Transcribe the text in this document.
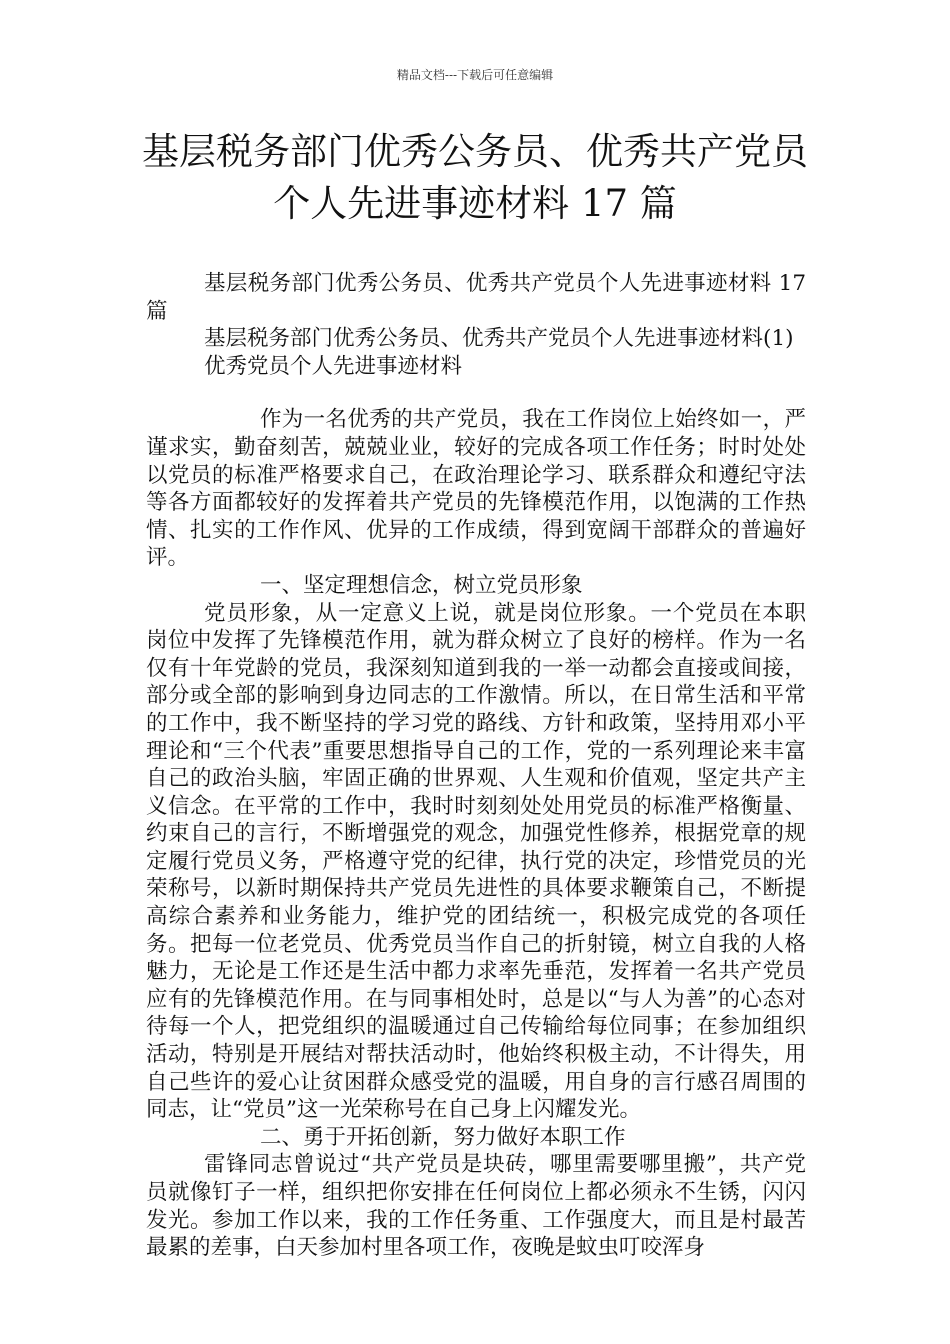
精品文档---下载后可任意编辑
基层税务部门优秀公务员、优秀共产党员
个人先进事迹材料 17 篇

基层税务部门优秀公务员、优秀共产党员个人先进事迹材料 17 篇

基层税务部门优秀公务员、优秀共产党员个人先进事迹材料(1)

优秀党员个人先进事迹材料

作为一名优秀的共产党员，我在工作岗位上始终如一，严谨求实，勤奋刻苦，兢兢业业，较好的完成各项工作任务；时时处处以党员的标准严格要求自己，在政治理论学习、联系群众和遵纪守法等各方面都较好的发挥着共产党员的先锋模范作用，以饱满的工作热情、扎实的工作作风、优异的工作成绩，得到宽阔干部群众的普遍好评。

一、坚定理想信念，树立党员形象

党员形象，从一定意义上说，就是岗位形象。一个党员在本职岗位中发挥了先锋模范作用，就为群众树立了良好的榜样。作为一名仅有十年党龄的党员，我深刻知道到我的一举一动都会直接或间接，部分或全部的影响到身边同志的工作激情。所以，在日常生活和平常的工作中，我不断坚持的学习党的路线、方针和政策，坚持用邓小平理论和“三个代表”重要思想指导自己的工作，党的一系列理论来丰富自己的政治头脑，牢固正确的世界观、人生观和价值观，坚定共产主义信念。在平常的工作中，我时时刻刻处处用党员的标准严格衡量、约束自己的言行，不断增强党的观念，加强党性修养，根据党章的规定履行党员义务，严格遵守党的纪律，执行党的决定，珍惜党员的光荣称号，以新时期保持共产党员先进性的具体要求鞭策自己，不断提高综合素养和业务能力，维护党的团结统一，积极完成党的各项任务。把每一位老党员、优秀党员当作自己的折射镜，树立自我的人格魅力，无论是工作还是生活中都力求率先垂范，发挥着一名共产党员应有的先锋模范作用。在与同事相处时，总是以“与人为善”的心态对待每一个人，把党组织的温暖通过自己传输给每位同事；在参加组织活动，特别是开展结对帮扶活动时，他始终积极主动，不计得失，用自己些许的爱心让贫困群众感受党的温暖，用自身的言行感召周围的同志，让“党员”这一光荣称号在自己身上闪耀发光。

二、勇于开拓创新，努力做好本职工作

雷锋同志曾说过“共产党员是块砖，哪里需要哪里搬”，共产党员就像钉子一样，组织把你安排在任何岗位上都必须永不生锈，闪闪发光。参加工作以来，我的工作任务重、工作强度大，而且是村最苦最累的差事，白天参加村里各项工作，夜晚是蚊虫叮咬浑身
